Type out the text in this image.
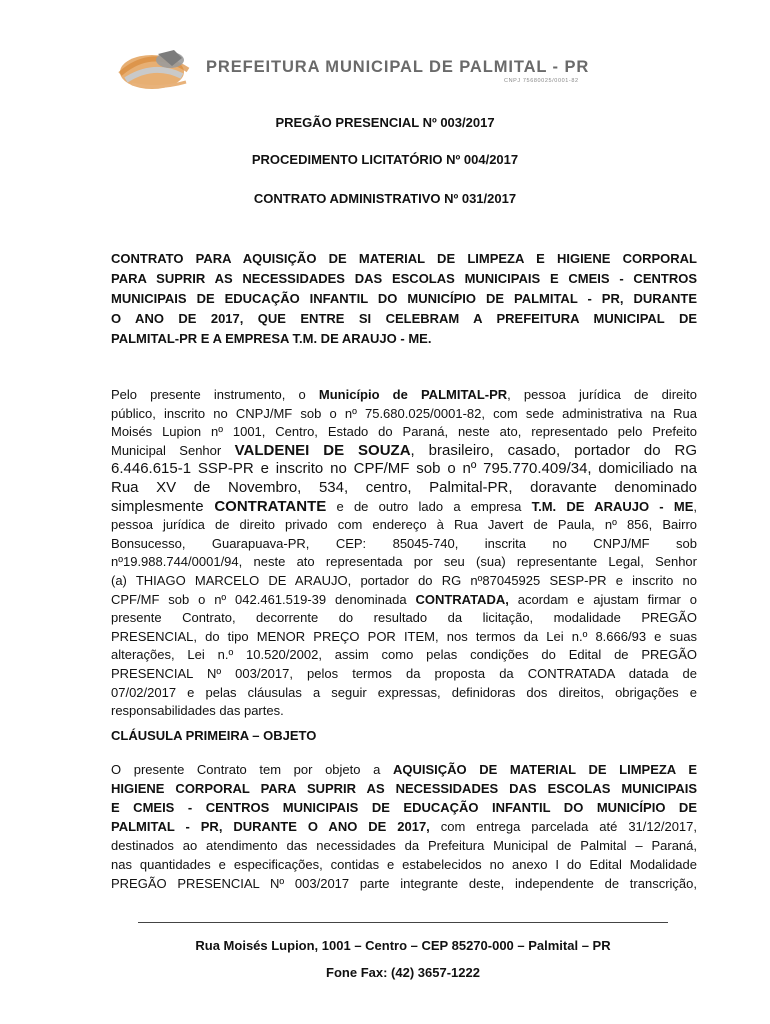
PREFEITURA MUNICIPAL DE PALMITAL - PR
CNPJ 75680025/0001-82

PREGÃO PRESENCIAL Nº 003/2017

PROCEDIMENTO LICITATÓRIO Nº 004/2017

CONTRATO ADMINISTRATIVO Nº 031/2017

CONTRATO PARA AQUISIÇÃO DE MATERIAL DE LIMPEZA E HIGIENE CORPORAL
PARA SUPRIR AS NECESSIDADES DAS ESCOLAS MUNICIPAIS E CMEIS - CENTROS
MUNICIPAIS DE EDUCAÇÃO INFANTIL DO MUNICÍPIO DE PALMITAL - PR, DURANTE
O ANO DE 2017, QUE ENTRE SI CELEBRAM A PREFEITURA MUNICIPAL DE
PALMITAL-PR E A EMPRESA T.M. DE ARAUJO - ME.
Pelo presente instrumento, o Município de PALMITAL-PR, pessoa jurídica de direito
público, inscrito no CNPJ/MF sob o nº 75.680.025/0001-82, com sede administrativa na Rua
Moisés Lupion nº 1001, Centro, Estado do Paraná, neste ato, representado pelo Prefeito
Municipal Senhor VALDENEI DE SOUZA, brasileiro, casado, portador do RG
6.446.615-1 SSP-PR e inscrito no CPF/MF sob o nº 795.770.409/34, domiciliado na
Rua XV de Novembro, 534, centro, Palmital-PR, doravante denominado
simplesmente CONTRATANTE e de outro lado a empresa T.M. DE ARAUJO - ME,
pessoa jurídica de direito privado com endereço à Rua Javert de Paula, nº 856, Bairro
Bonsucesso, Guarapuava-PR, CEP: 85045-740, inscrita no CNPJ/MF sob
nº19.988.744/0001/94, neste ato representada por seu (sua) representante Legal, Senhor
(a) THIAGO MARCELO DE ARAUJO, portador do RG nº87045925 SESP-PR e inscrito no
CPF/MF sob o nº 042.461.519-39 denominada CONTRATADA, acordam e ajustam firmar o
presente Contrato, decorrente do resultado da licitação, modalidade PREGÃO
PRESENCIAL, do tipo MENOR PREÇO POR ITEM, nos termos da Lei n.º 8.666/93 e suas
alterações, Lei n.º 10.520/2002, assim como pelas condições do Edital de PREGÃO
PRESENCIAL Nº 003/2017, pelos termos da proposta da CONTRATADA datada de
07/02/2017 e pelas cláusulas a seguir expressas, definidoras dos direitos, obrigações e
responsabilidades das partes.

CLÁUSULA PRIMEIRA – OBJETO

O presente Contrato tem por objeto a AQUISIÇÃO DE MATERIAL DE LIMPEZA E
HIGIENE CORPORAL PARA SUPRIR AS NECESSIDADES DAS ESCOLAS MUNICIPAIS
E CMEIS - CENTROS MUNICIPAIS DE EDUCAÇÃO INFANTIL DO MUNICÍPIO DE
PALMITAL - PR, DURANTE O ANO DE 2017, com entrega parcelada até 31/12/2017,
destinados ao atendimento das necessidades da Prefeitura Municipal de Palmital – Paraná,
nas quantidades e especificações, contidas e estabelecidos no anexo I do Edital Modalidade
PREGÃO PRESENCIAL Nº 003/2017 parte integrante deste, independente de transcrição,

Rua Moisés Lupion, 1001 – Centro – CEP 85270-000 – Palmital – PR

Fone Fax: (42) 3657-1222
